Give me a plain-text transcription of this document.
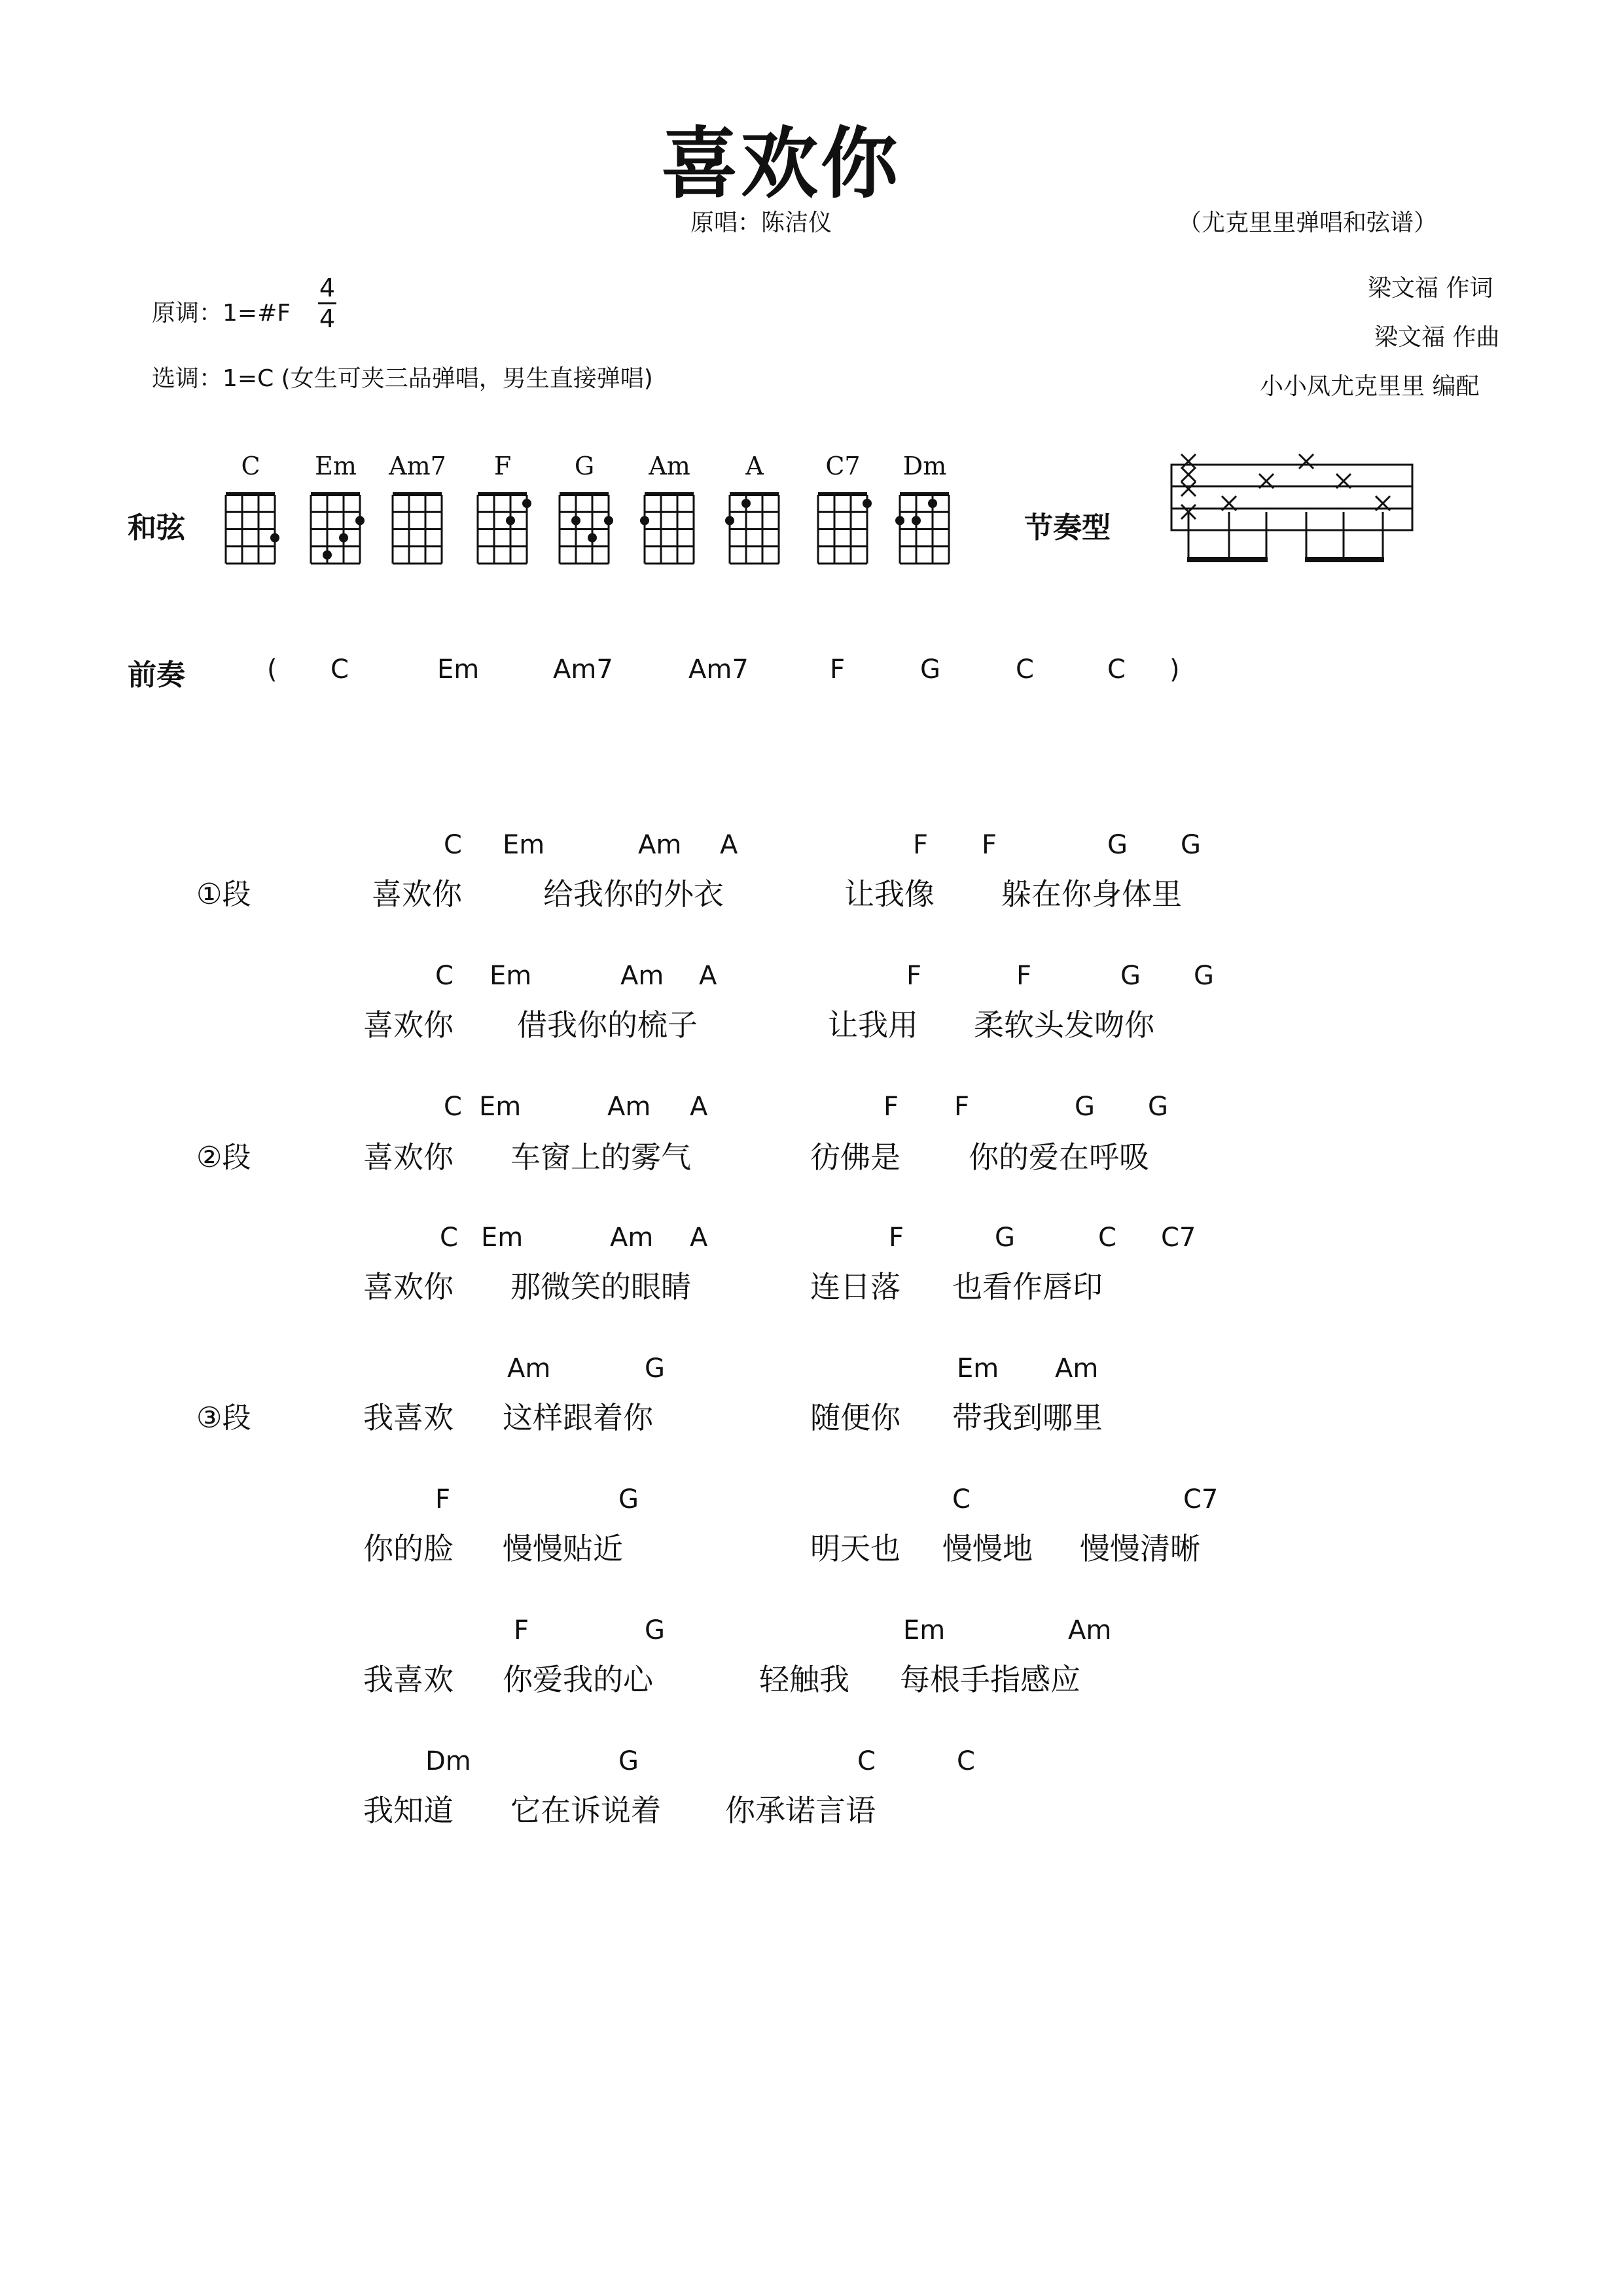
喜欢你
原唱：陈洁仪	（尤克里里弹唱和弦谱）
原调：1=#F
4
4
选调：1=C (女生可夹三品弹唱，男生直接弹唱)
梁文福 作词
梁文福 作曲
小小凤尤克里里 编配
和弦
C	Em	Am7	F	G	Am	A	C7	Dm
节奏型
前奏	(	)
C	Em	Am7	Am7	F	G	C	C
①段
②段
③段
C Em	Am A	F F	G G
喜欢你	给我你的外衣	让我像 躲在你身体里
C Em	Am A	F	F	G G
喜欢你 借我你的梳子	让我用 柔软头发吻你
C Em	Am A	F F	G G
喜欢你 车窗上的雾气	彷佛是 你的爱在呼吸
C Em	Am A	F	G	C C7
喜欢你 那微笑的眼睛	连日落 也看作唇印
Am	G	Em Am
我喜欢 这样跟着你	随便你 带我到哪里
F	G	C	C7
你的脸 慢慢贴近	明天也 慢慢地 慢慢清晰
F	G	Em	Am
我喜欢 你爱我的心	轻触我 每根手指感应
Dm	G	C	C
我知道 它在诉说着 你承诺言语
